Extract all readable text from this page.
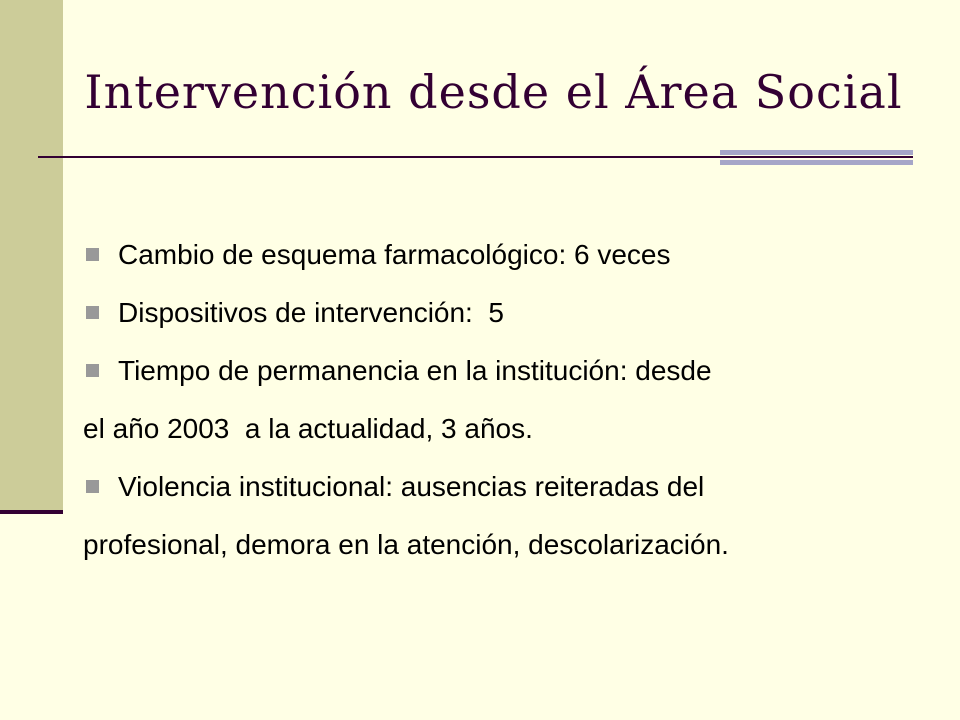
Intervención desde el Área Social
Cambio de esquema farmacológico: 6 veces
Dispositivos de intervención:  5
Tiempo de permanencia en la institución: desde
el año 2003  a la actualidad, 3 años.
Violencia institucional: ausencias reiteradas del
profesional, demora en la atención, descolarización.
